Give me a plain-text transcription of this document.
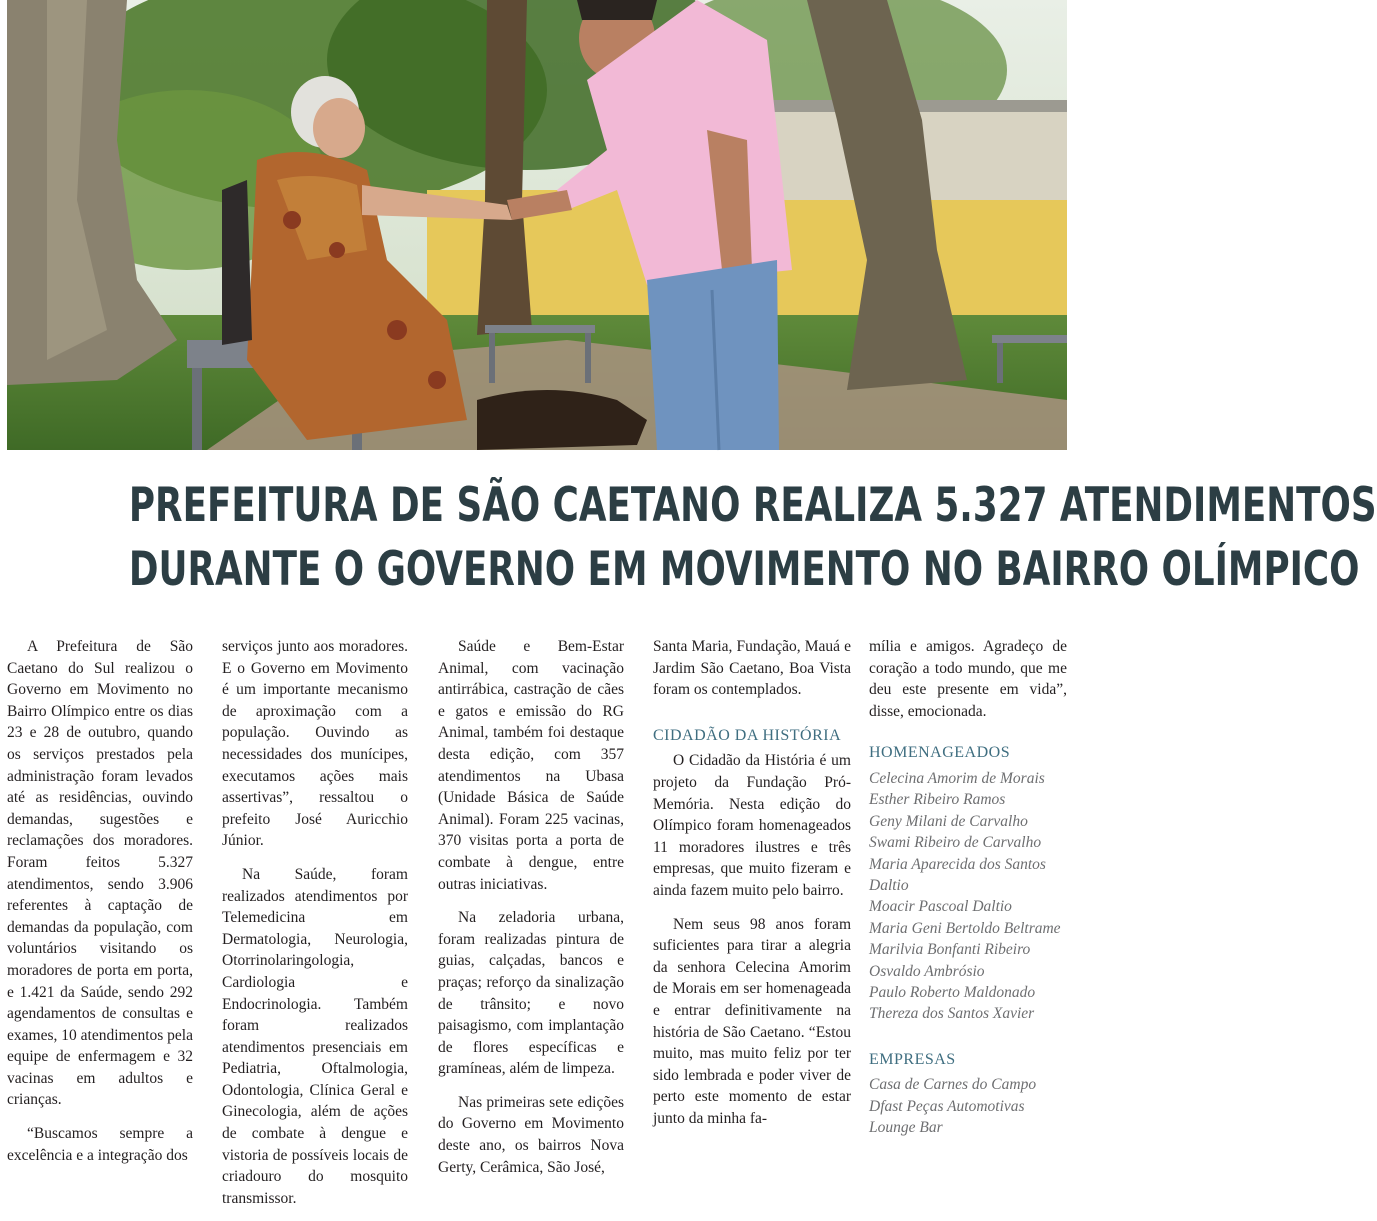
PREFEITURA DE SÃO CAETANO REALIZA 5.327 ATENDIMENTOS
DURANTE O GOVERNO EM MOVIMENTO NO BAIRRO OLÍMPICO

A Prefeitura de São Caetano do Sul realizou o Governo em Movimento no Bairro Olímpico entre os dias 23 e 28 de outubro, quando os serviços prestados pela administração foram levados até as residências, ouvindo demandas, sugestões e reclamações dos moradores. Foram feitos 5.327 atendimentos, sendo 3.906 referentes à captação de demandas da população, com voluntários visitando os moradores de porta em porta, e 1.421 da Saúde, sendo 292 agendamentos de consultas e exames, 10 atendimentos pela equipe de enfermagem e 32 vacinas em adultos e crianças.

“Buscamos sempre a excelência e a integração dos

serviços junto aos moradores. E o Governo em Movimento é um importante mecanismo de aproximação com a população. Ouvindo as necessidades dos munícipes, executamos ações mais assertivas”, ressaltou o prefeito José Auricchio Júnior.

Na Saúde, foram realizados atendimentos por Telemedicina em Dermatologia, Neurologia, Otorrinolaringologia, Cardiologia e Endocrinologia. Também foram realizados atendimentos presenciais em Pediatria, Oftalmologia, Odontologia, Clínica Geral e Ginecologia, além de ações de combate à dengue e vistoria de possíveis locais de criadouro do mosquito transmissor.

Saúde e Bem-Estar Animal, com vacinação antirrábica, castração de cães e gatos e emissão do RG Animal, também foi destaque desta edição, com 357 atendimentos na Ubasa (Unidade Básica de Saúde Animal). Foram 225 vacinas, 370 visitas porta a porta de combate à dengue, entre outras iniciativas.

Na zeladoria urbana, foram realizadas pintura de guias, calçadas, bancos e praças; reforço da sinalização de trânsito; e novo paisagismo, com implantação de flores específicas e gramíneas, além de limpeza.

Nas primeiras sete edições do Governo em Movimento deste ano, os bairros Nova Gerty, Cerâmica, São José,

Santa Maria, Fundação, Mauá e Jardim São Caetano, Boa Vista foram os contemplados.

CIDADÃO DA HISTÓRIA

O Cidadão da História é um projeto da Fundação Pró-Memória. Nesta edição do Olímpico foram homenageados 11 moradores ilustres e três empresas, que muito fizeram e ainda fazem muito pelo bairro.

Nem seus 98 anos foram suficientes para tirar a alegria da senhora Celecina Amorim de Morais em ser homenageada e entrar definitivamente na história de São Caetano. “Estou muito, mas muito feliz por ter sido lembrada e poder viver de perto este momento de estar junto da minha fa-

mília e amigos. Agradeço de coração a todo mundo, que me deu este presente em vida”, disse, emocionada.

HOMENAGEADOS
Celecina Amorim de Morais
Esther Ribeiro Ramos
Geny Milani de Carvalho
Swami Ribeiro de Carvalho
Maria Aparecida dos Santos Daltio
Moacir Pascoal Daltio
Maria Geni Bertoldo Beltrame
Marilvia Bonfanti Ribeiro
Osvaldo Ambrósio
Paulo Roberto Maldonado
Thereza dos Santos Xavier
EMPRESAS
Casa de Carnes do Campo
Dfast Peças Automotivas
Lounge Bar
